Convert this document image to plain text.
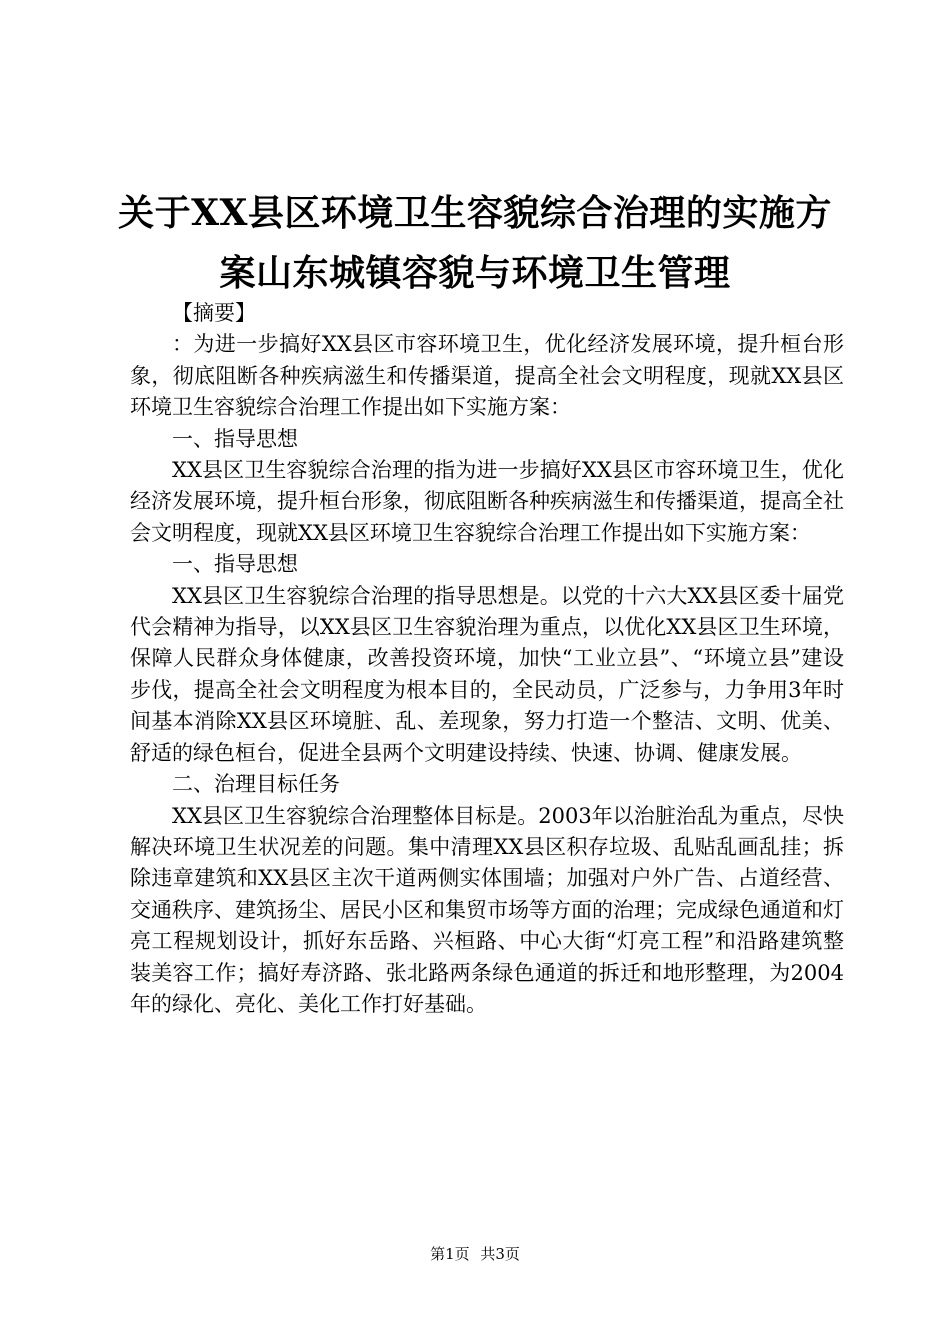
关于XX县区环境卫生容貌综合治理的实施方
案山东城镇容貌与环境卫生管理

【摘要】

：为进一步搞好XX县区市容环境卫生，优化经济发展环境，提升桓台形象，彻底阻断各种疾病滋生和传播渠道，提高全社会文明程度，现就XX县区环境卫生容貌综合治理工作提出如下实施方案：

一、指导思想

XX县区卫生容貌综合治理的指为进一步搞好XX县区市容环境卫生，优化经济发展环境，提升桓台形象，彻底阻断各种疾病滋生和传播渠道，提高全社会文明程度，现就XX县区环境卫生容貌综合治理工作提出如下实施方案：

一、指导思想

XX县区卫生容貌综合治理的指导思想是。以党的十六大XX县区委十届党代会精神为指导，以XX县区卫生容貌治理为重点，以优化XX县区卫生环境，保障人民群众身体健康，改善投资环境，加快“工业立县”、“环境立县”建设步伐，提高全社会文明程度为根本目的，全民动员，广泛参与，力争用3年时间基本消除XX县区环境脏、乱、差现象，努力打造一个整洁、文明、优美、舒适的绿色桓台，促进全县两个文明建设持续、快速、协调、健康发展。

二、治理目标任务

XX县区卫生容貌综合治理整体目标是。2003年以治脏治乱为重点，尽快解决环境卫生状况差的问题。集中清理XX县区积存垃圾、乱贴乱画乱挂；拆除违章建筑和XX县区主次干道两侧实体围墙；加强对户外广告、占道经营、交通秩序、建筑扬尘、居民小区和集贸市场等方面的治理；完成绿色通道和灯亮工程规划设计，抓好东岳路、兴桓路、中心大街“灯亮工程”和沿路建筑整装美容工作；搞好寿济路、张北路两条绿色通道的拆迁和地形整理，为2004年的绿化、亮化、美化工作打好基础。

第1页 共3页
